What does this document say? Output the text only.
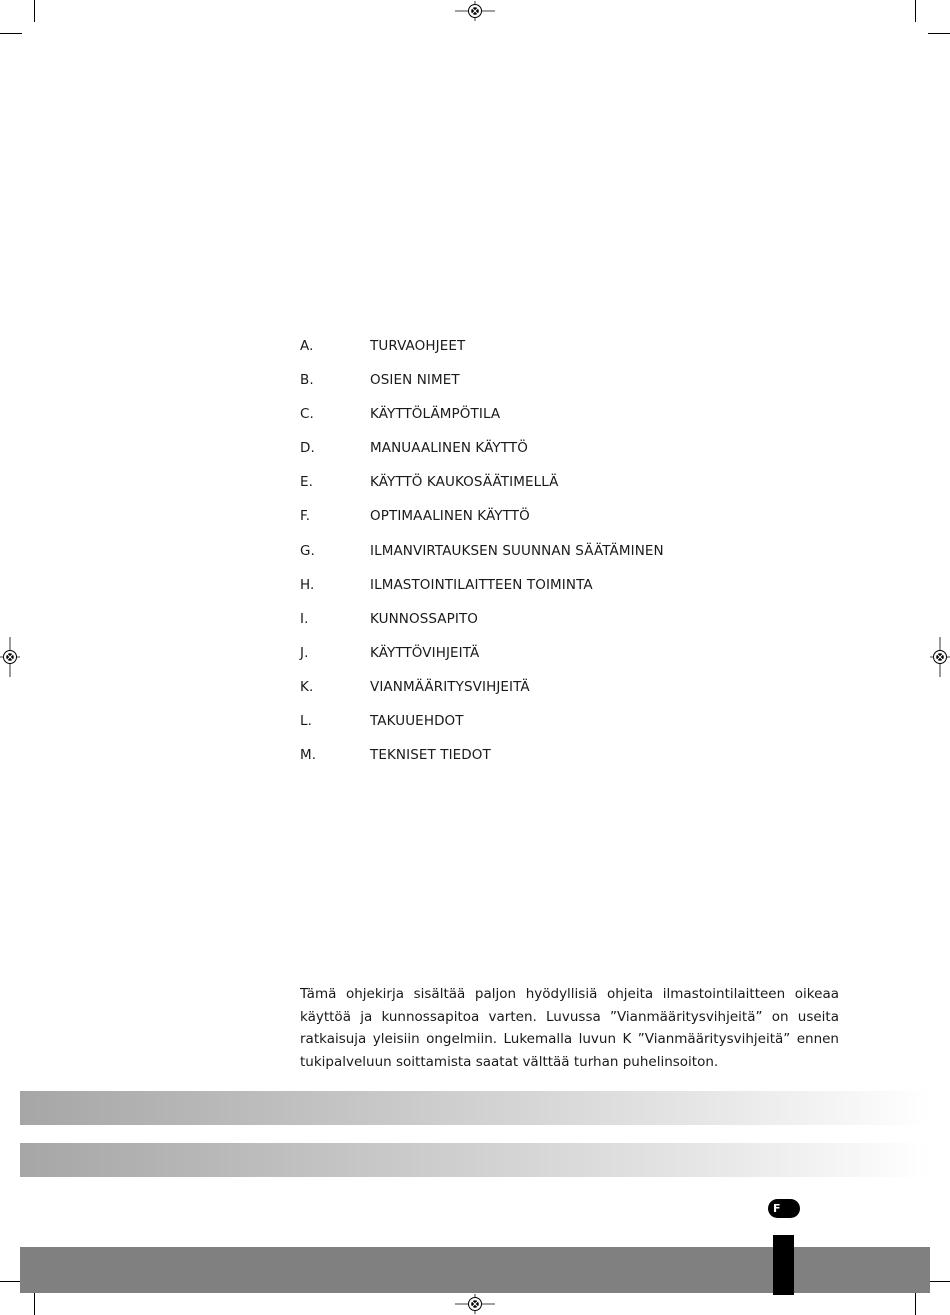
A.	TURVAOHJEET
B.	OSIEN NIMET
C.	KÄYTTÖLÄMPÖTILA
D.	MANUAALINEN KÄYTTÖ
E.	KÄYTTÖ KAUKOSÄÄTIMELLÄ
F.	OPTIMAALINEN KÄYTTÖ
G.	ILMANVIRTAUKSEN SUUNNAN SÄÄTÄMINEN
H.	ILMASTOINTILAITTEEN TOIMINTA
I.	KUNNOSSAPITO
J.	KÄYTTÖVIHJEITÄ
K.	VIANMÄÄRITYSVIHJEITÄ
L.	TAKUUEHDOT
M.	TEKNISET TIEDOT

Tämä ohjekirja sisältää paljon hyödyllisiä ohjeita ilmastointilaitteen oikeaa käyttöä ja kunnossapitoa varten. Luvussa ”Vianmääritysvihjeitä” on useita ratkaisuja yleisiin ongelmiin. Lukemalla luvun K ”Vianmääritysvihjeitä” ennen tukipalveluun soittamista saatat välttää turhan puhelinsoiton.

F
